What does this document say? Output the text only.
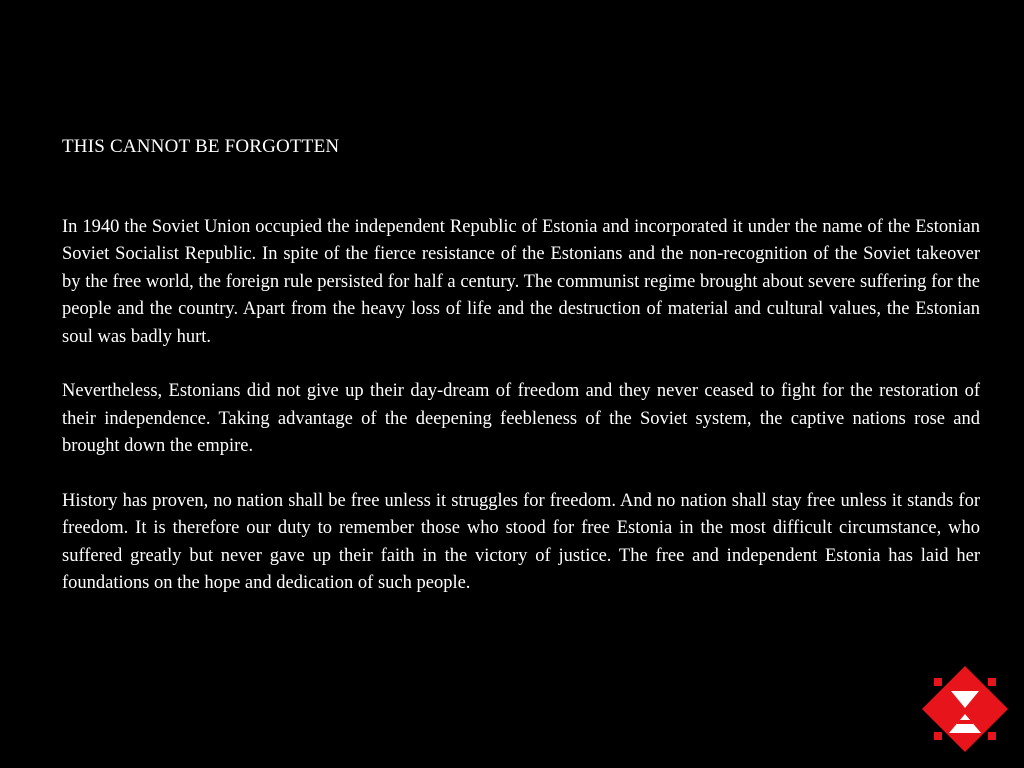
THIS CANNOT BE FORGOTTEN

In 1940 the Soviet Union occupied the independent Republic of Estonia and incorporated it under the name of the Estonian Soviet Socialist Republic. In spite of the fierce resistance of the Estonians and the non-recognition of the Soviet takeover by the free world, the foreign rule persisted for half a century. The communist regime brought about severe suffering for the people and the country. Apart from the heavy loss of life and the destruction of material and cultural values, the Estonian soul was badly hurt.

Nevertheless, Estonians did not give up their day-dream of freedom and they never ceased to fight for the restoration of their independence. Taking advantage of the deepening feebleness of the Soviet system, the captive nations rose and brought down the empire.

History has proven, no nation shall be free unless it struggles for freedom. And no nation shall stay free unless it stands for freedom. It is therefore our duty to remember those who stood for free Estonia in the most difficult circumstance, who suffered greatly but never gave up their faith in the victory of justice. The free and independent Estonia has laid her foundations on the hope and dedication of such people.
